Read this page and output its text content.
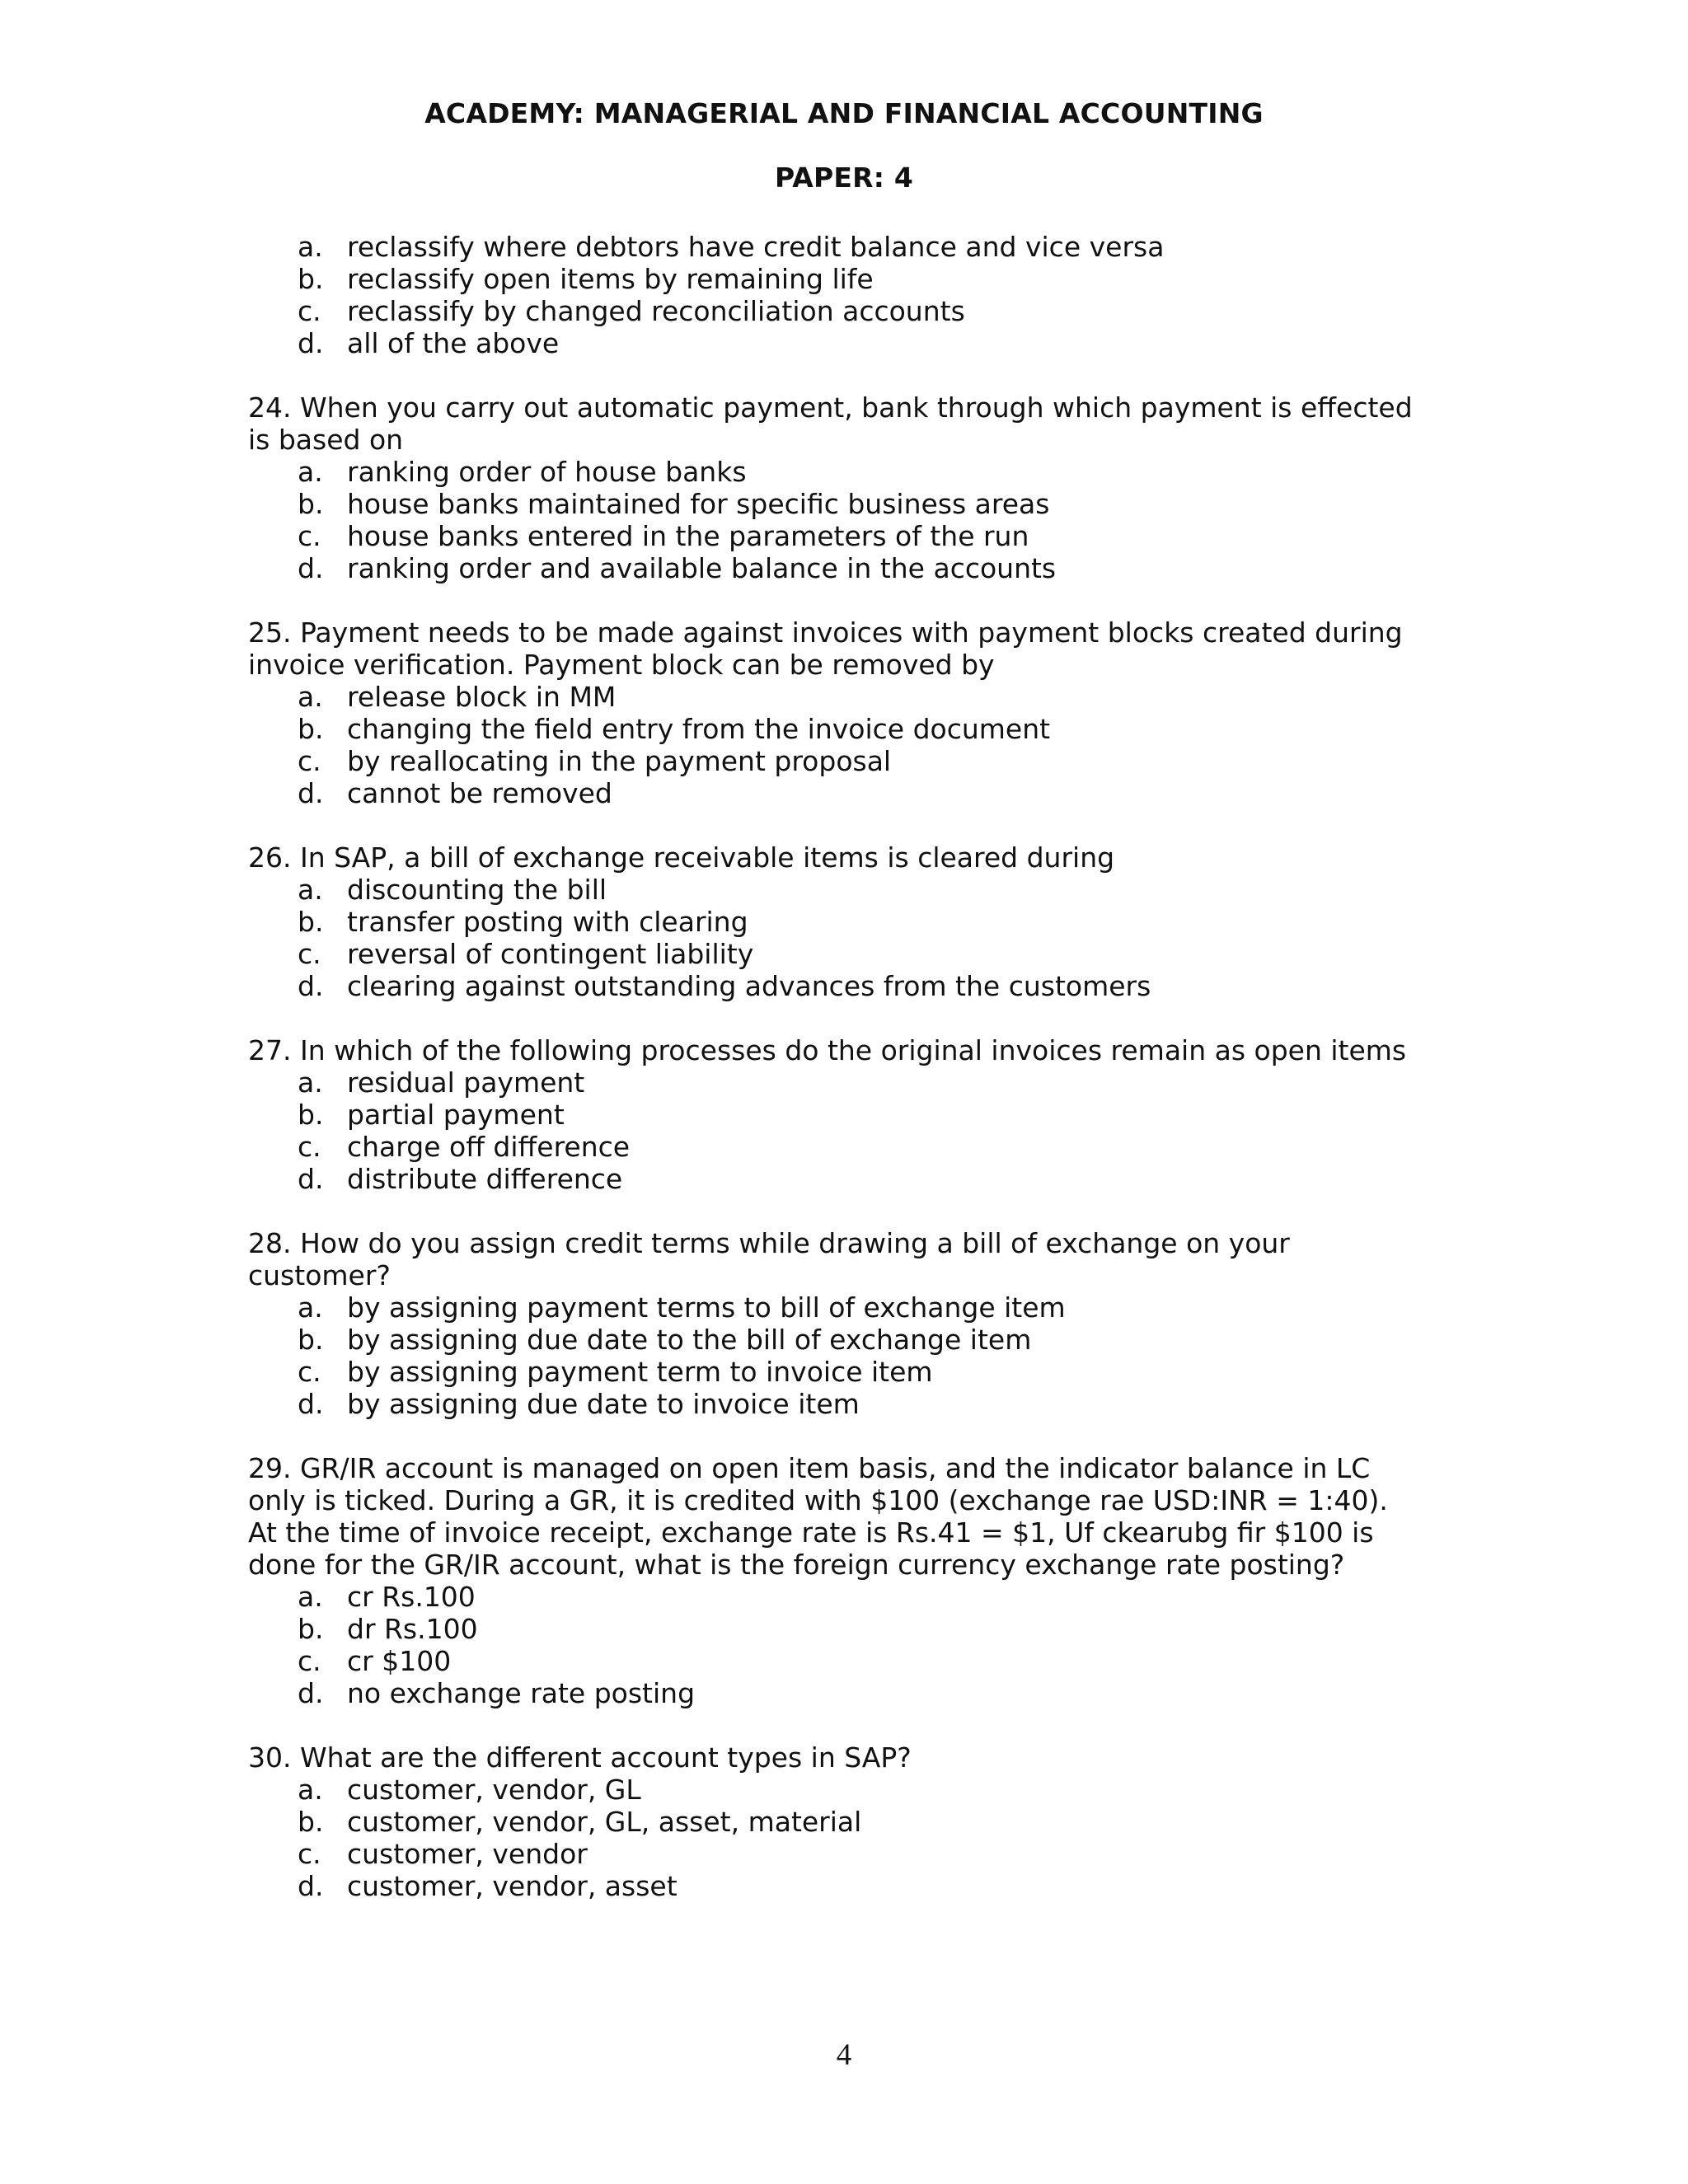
ACADEMY: MANAGERIAL AND FINANCIAL ACCOUNTING
PAPER: 4
a. reclassify where debtors have credit balance and vice versa
b. reclassify open items by remaining life
c. reclassify by changed reconciliation accounts
d. all of the above
24. When you carry out automatic payment, bank through which payment is effected
is based on
a. ranking order of house banks
b. house banks maintained for specific business areas
c. house banks entered in the parameters of the run
d. ranking order and available balance in the accounts
25. Payment needs to be made against invoices with payment blocks created during
invoice verification. Payment block can be removed by
a. release block in MM
b. changing the field entry from the invoice document
c. by reallocating in the payment proposal
d. cannot be removed
26. In SAP, a bill of exchange receivable items is cleared during
a. discounting the bill
b. transfer posting with clearing
c. reversal of contingent liability
d. clearing against outstanding advances from the customers
27. In which of the following processes do the original invoices remain as open items
a. residual payment
b. partial payment
c. charge off difference
d. distribute difference
28. How do you assign credit terms while drawing a bill of exchange on your
customer?
a. by assigning payment terms to bill of exchange item
b. by assigning due date to the bill of exchange item
c. by assigning payment term to invoice item
d. by assigning due date to invoice item
29. GR/IR account is managed on open item basis, and the indicator balance in LC
only is ticked. During a GR, it is credited with $100 (exchange rae USD:INR = 1:40).
At the time of invoice receipt, exchange rate is Rs.41 = $1, Uf ckearubg fir $100 is
done for the GR/IR account, what is the foreign currency exchange rate posting?
a. cr Rs.100
b. dr Rs.100
c. cr $100
d. no exchange rate posting
30. What are the different account types in SAP?
a. customer, vendor, GL
b. customer, vendor, GL, asset, material
c. customer, vendor
d. customer, vendor, asset
4
